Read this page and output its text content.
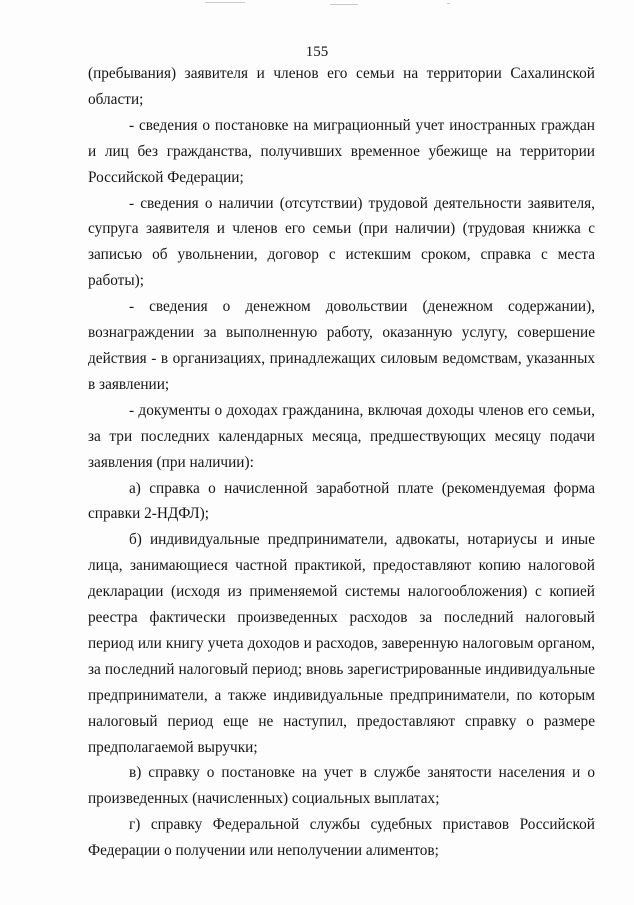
155

(пребывания) заявителя и членов его семьи на территории Сахалинской области;

- сведения о постановке на миграционный учет иностранных граждан и лиц без гражданства, получивших временное убежище на территории Российской Федерации;

- сведения о наличии (отсутствии) трудовой деятельности заявителя, супруга заявителя и членов его семьи (при наличии) (трудовая книжка с записью об увольнении, договор с истекшим сроком, справка с места работы);

- сведения о денежном довольствии (денежном содержании), вознаграждении за выполненную работу, оказанную услугу, совершение действия - в организациях, принадлежащих силовым ведомствам, указанных в заявлении;

- документы о доходах гражданина, включая доходы членов его семьи, за три последних календарных месяца, предшествующих месяцу подачи заявления (при наличии):

а) справка о начисленной заработной плате (рекомендуемая форма справки 2-НДФЛ);

б) индивидуальные предприниматели, адвокаты, нотариусы и иные лица, занимающиеся частной практикой, предоставляют копию налоговой декларации (исходя из применяемой системы налогообложения) с копией реестра фактически произведенных расходов за последний налоговый период или книгу учета доходов и расходов, заверенную налоговым органом, за последний налоговый период; вновь зарегистрированные индивидуальные предприниматели, а также индивидуальные предприниматели, по которым налоговый период еще не наступил, предоставляют справку о размере предполагаемой выручки;

в) справку о постановке на учет в службе занятости населения и о произведенных (начисленных) социальных выплатах;

г) справку Федеральной службы судебных приставов Российской Федерации о получении или неполучении алиментов;
